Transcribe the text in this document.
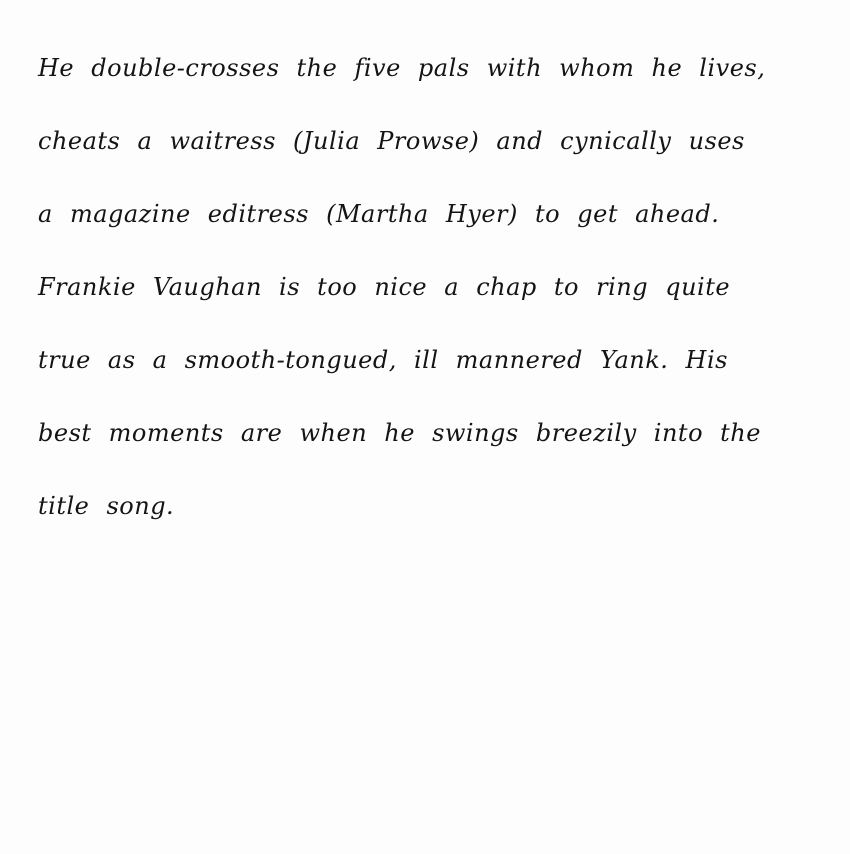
He double-crosses the five pals with whom he lives,
cheats a waitress (Julia Prowse) and cynically uses
a magazine editress (Martha Hyer) to get ahead.
Frankie Vaughan is too nice a chap to ring quite
true as a smooth-tongued, ill mannered Yank. His
best moments are when he swings breezily into the
title song.
